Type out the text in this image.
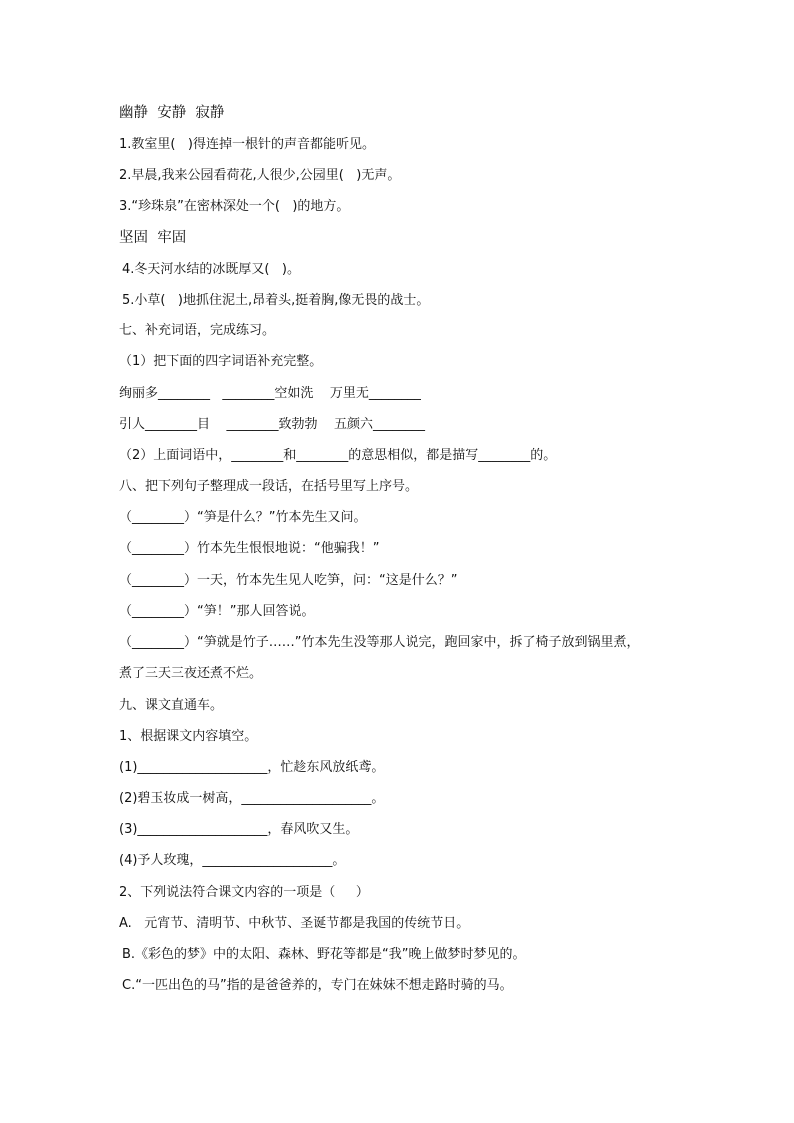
幽静  安静  寂静
1.教室里(   )得连掉一根针的声音都能听见。
2.早晨,我来公园看荷花,人很少,公园里(   )无声。
3.“珍珠泉”在密林深处一个(   )的地方。
坚固  牢固
4.冬天河水结的冰既厚又(   )。
5.小草(   )地抓住泥土,昂着头,挺着胸,像无畏的战士。
七、补充词语，完成练习。
（1）把下面的四字词语补充完整。
绚丽多________   ________空如洗    万里无________
引人________目    ________致勃勃    五颜六________
（2）上面词语中，________和________的意思相似，都是描写________的。
八、把下列句子整理成一段话，在括号里写上序号。
（________）“笋是什么？”竹本先生又问。
（________）竹本先生恨恨地说：“他骗我！”
（________）一天，竹本先生见人吃笋，问：“这是什么？”
（________）“笋！”那人回答说。
（________）“笋就是竹子……”竹本先生没等那人说完，跑回家中，拆了椅子放到锅里煮，
煮了三天三夜还煮不烂。
九、课文直通车。
1、根据课文内容填空。
(1)____________________，忙趁东风放纸鸢。
(2)碧玉妆成一树高，____________________。
(3)____________________，春风吹又生。
(4)予人玫瑰，____________________。
2、下列说法符合课文内容的一项是（     ）
A.   元宵节、清明节、中秋节、圣诞节都是我国的传统节日。
B.《彩色的梦》中的太阳、森林、野花等都是“我”晚上做梦时梦见的。
C.“一匹出色的马”指的是爸爸养的，专门在妹妹不想走路时骑的马。
